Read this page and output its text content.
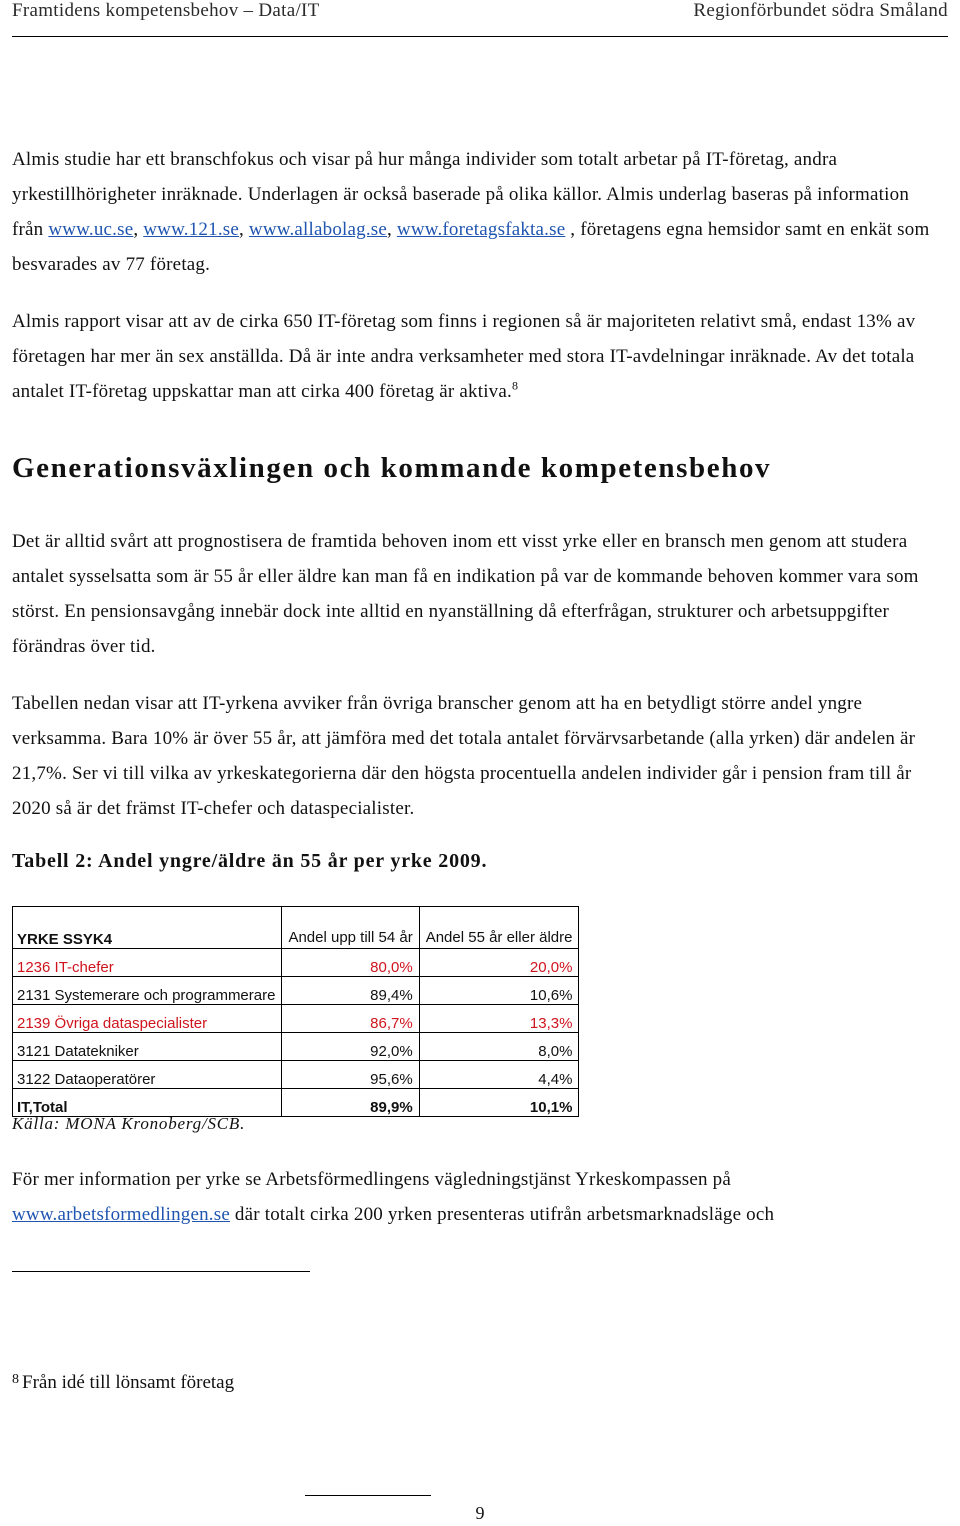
Framtidens kompetensbehov – Data/IT	Regionförbundet södra Småland
Almis studie har ett branschfokus och visar på hur många individer som totalt arbetar på IT-företag, andra yrkestillhörigheter inräknade. Underlagen är också baserade på olika källor. Almis underlag baseras på information från www.uc.se, www.121.se, www.allabolag.se, www.foretagsfakta.se , företagens egna hemsidor samt en enkät som besvarades av 77 företag.
Almis rapport visar att av de cirka 650 IT-företag som finns i regionen så är majoriteten relativt små, endast 13% av företagen har mer än sex anställda. Då är inte andra verksamheter med stora IT-avdelningar inräknade. Av det totala antalet IT-företag uppskattar man att cirka 400 företag är aktiva.$^8$
Generationsväxlingen och kommande kompetensbehov
Det är alltid svårt att prognostisera de framtida behoven inom ett visst yrke eller en bransch men genom att studera antalet sysselsatta som är 55 år eller äldre kan man få en indikation på var de kommande behoven kommer vara som störst. En pensionsavgång innebär dock inte alltid en nyanställning då efterfrågan, strukturer och arbetsuppgifter förändras över tid.
Tabellen nedan visar att IT-yrkena avviker från övriga branscher genom att ha en betydligt större andel yngre verksamma. Bara 10% är över 55 år, att jämföra med det totala antalet förvärvsarbetande (alla yrken) där andelen är 21,7%. Ser vi till vilka av yrkeskategorierna där den högsta procentuella andelen individer går i pension fram till år 2020 så är det främst IT-chefer och dataspecialister.
Tabell 2: Andel yngre/äldre än 55 år per yrke 2009.
YRKE SSYK4	Andel upp till 54 år	Andel 55 år eller äldre
1236 IT-chefer	80,0%	20,0%
2131 Systemerare och programmerare	89,4%	10,6%
2139 Övriga dataspecialister	86,7%	13,3%
3121 Datatekniker	92,0%	8,0%
3122 Dataoperatörer	95,6%	4,4%
IT,Total	89,9%	10,1%
Källa: MONA Kronoberg/SCB.
För mer information per yrke se Arbetsförmedlingens vägledningstjänst Yrkeskompassen på www.arbetsformedlingen.se där totalt cirka 200 yrken presenteras utifrån arbetsmarknadsläge och
$^8$ Från idé till lönsamt företag
9
